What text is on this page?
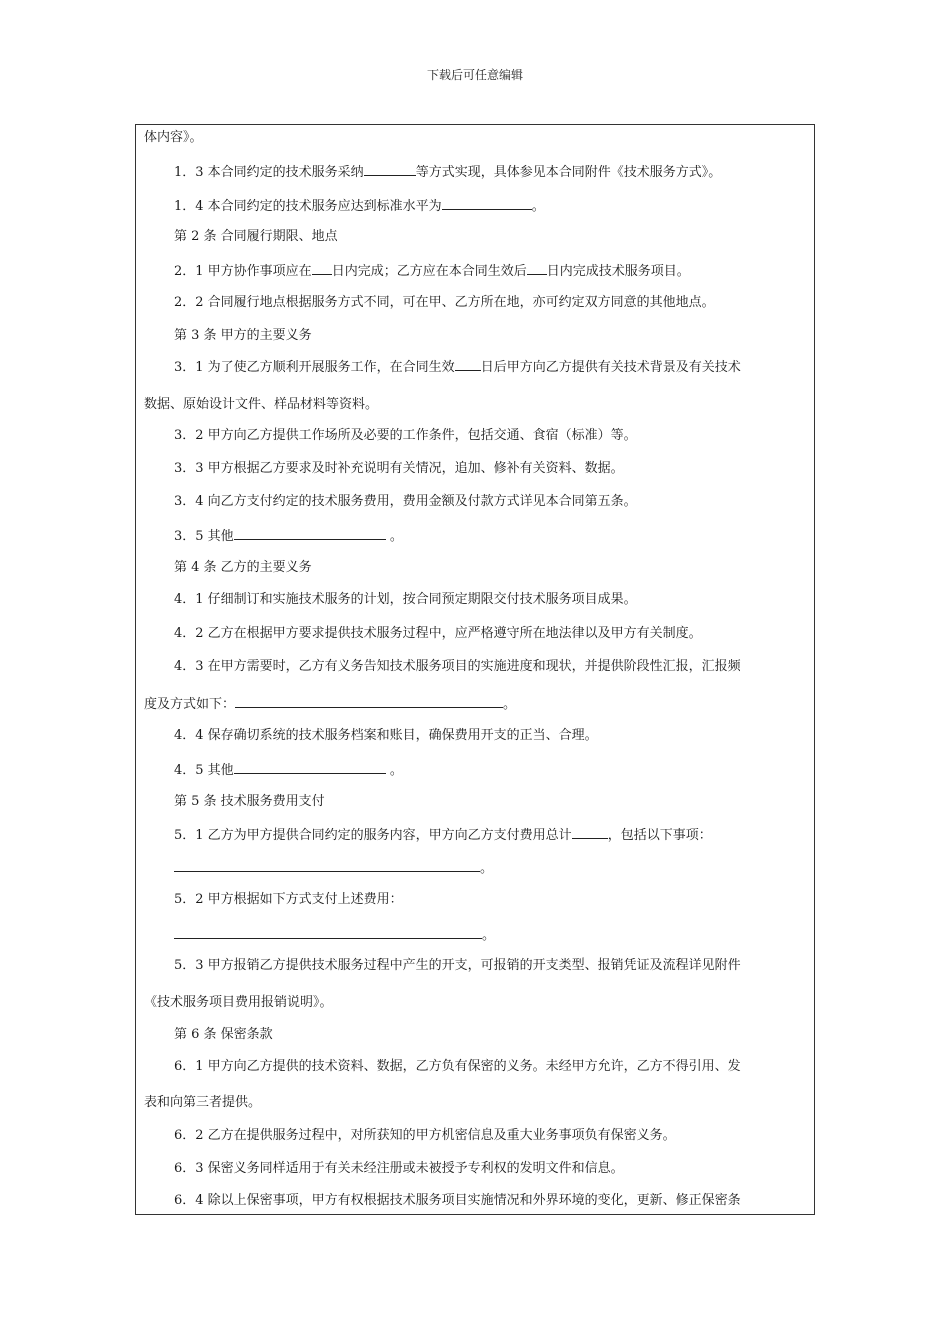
下载后可任意编辑
体内容》。
1．3 本合同约定的技术服务采纳	等方式实现，具体参见本合同附件《技术服务方式》。
1．4 本合同约定的技术服务应达到标准水平为	。
第 2 条 合同履行期限、地点
2．1 甲方协作事项应在 日内完成；乙方应在本合同生效后 日内完成技术服务项目。
2．2 合同履行地点根据服务方式不同，可在甲、乙方所在地，亦可约定双方同意的其他地点。
第 3 条 甲方的主要义务
3．1 为了使乙方顺利开展服务工作，在合同生效 日后甲方向乙方提供有关技术背景及有关技术
数据、原始设计文件、样品材料等资料。
3．2 甲方向乙方提供工作场所及必要的工作条件，包括交通、食宿（标准）等。
3．3 甲方根据乙方要求及时补充说明有关情况，追加、修补有关资料、数据。
3．4 向乙方支付约定的技术服务费用，费用金额及付款方式详见本合同第五条。
3．5 其他	。
第 4 条 乙方的主要义务
4．1 仔细制订和实施技术服务的计划，按合同预定期限交付技术服务项目成果。
4．2 乙方在根据甲方要求提供技术服务过程中，应严格遵守所在地法律以及甲方有关制度。
4．3 在甲方需要时，乙方有义务告知技术服务项目的实施进度和现状，并提供阶段性汇报，汇报频
度及方式如下：	。
4．4 保存确切系统的技术服务档案和账目，确保费用开支的正当、合理。
4．5 其他	。
第 5 条 技术服务费用支付
5．1 乙方为甲方提供合同约定的服务内容，甲方向乙方支付费用总计	，包括以下事项：
。
5．2 甲方根据如下方式支付上述费用：
。
5．3 甲方报销乙方提供技术服务过程中产生的开支，可报销的开支类型、报销凭证及流程详见附件
《技术服务项目费用报销说明》。
第 6 条 保密条款
6．1 甲方向乙方提供的技术资料、数据，乙方负有保密的义务。未经甲方允许，乙方不得引用、发
表和向第三者提供。
6．2 乙方在提供服务过程中，对所获知的甲方机密信息及重大业务事项负有保密义务。
6．3 保密义务同样适用于有关未经注册或未被授予专利权的发明文件和信息。
6．4 除以上保密事项，甲方有权根据技术服务项目实施情况和外界环境的变化，更新、修正保密条
